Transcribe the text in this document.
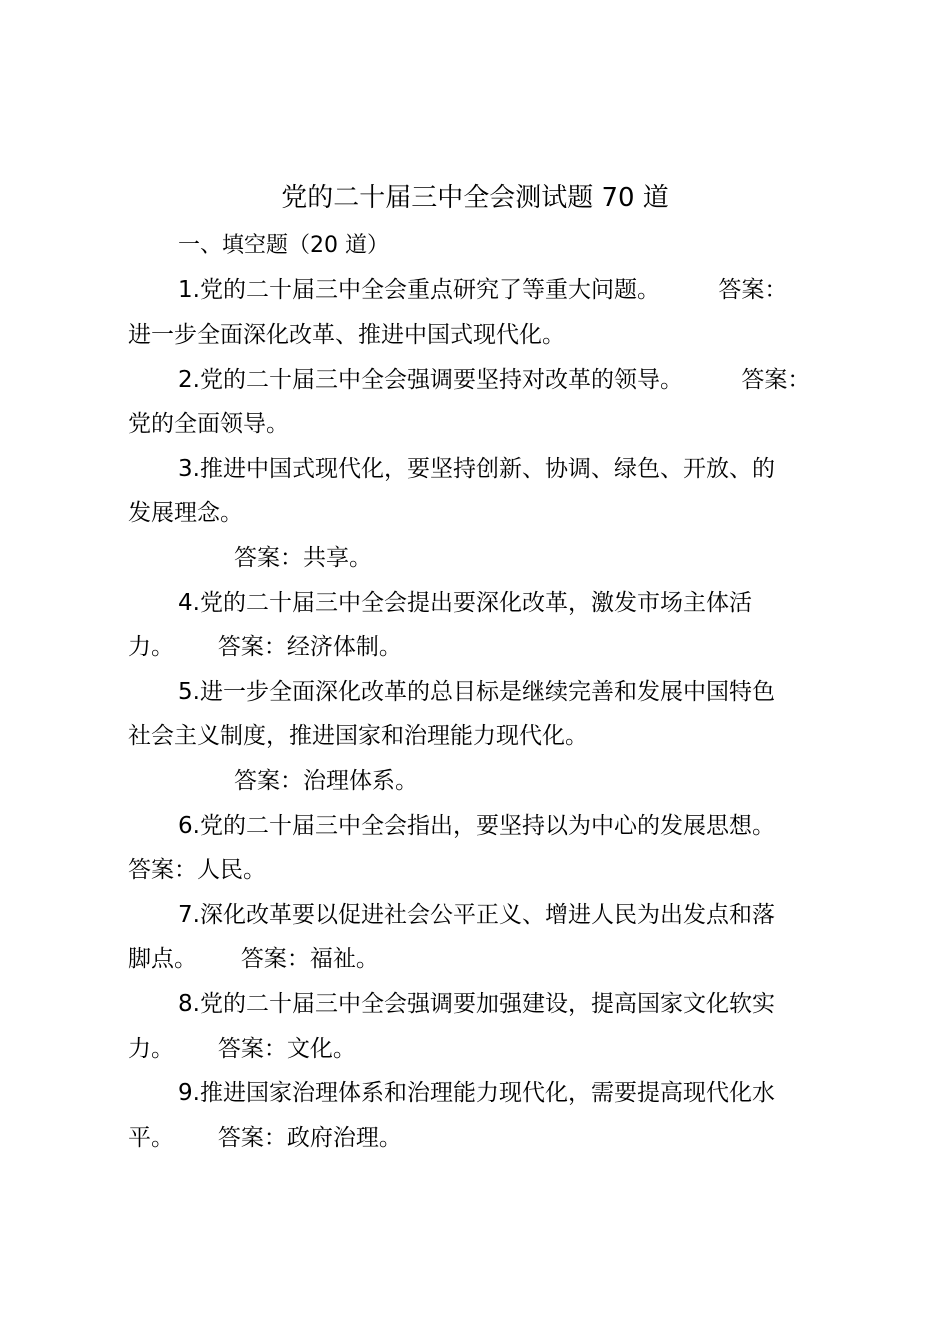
党的二十届三中全会测试题 70 道
一、填空题（20 道）
1.党的二十届三中全会重点研究了等重大问题。        答案：
进一步全面深化改革、推进中国式现代化。
2.党的二十届三中全会强调要坚持对改革的领导。        答案：
党的全面领导。
3.推进中国式现代化，要坚持创新、协调、绿色、开放、的
发展理念。
答案：共享。
4.党的二十届三中全会提出要深化改革，激发市场主体活
力。      答案：经济体制。
5.进一步全面深化改革的总目标是继续完善和发展中国特色
社会主义制度，推进国家和治理能力现代化。
答案：治理体系。
6.党的二十届三中全会指出，要坚持以为中心的发展思想。
答案：人民。
7.深化改革要以促进社会公平正义、增进人民为出发点和落
脚点。      答案：福祉。
8.党的二十届三中全会强调要加强建设，提高国家文化软实
力。      答案：文化。
9.推进国家治理体系和治理能力现代化，需要提高现代化水
平。      答案：政府治理。
